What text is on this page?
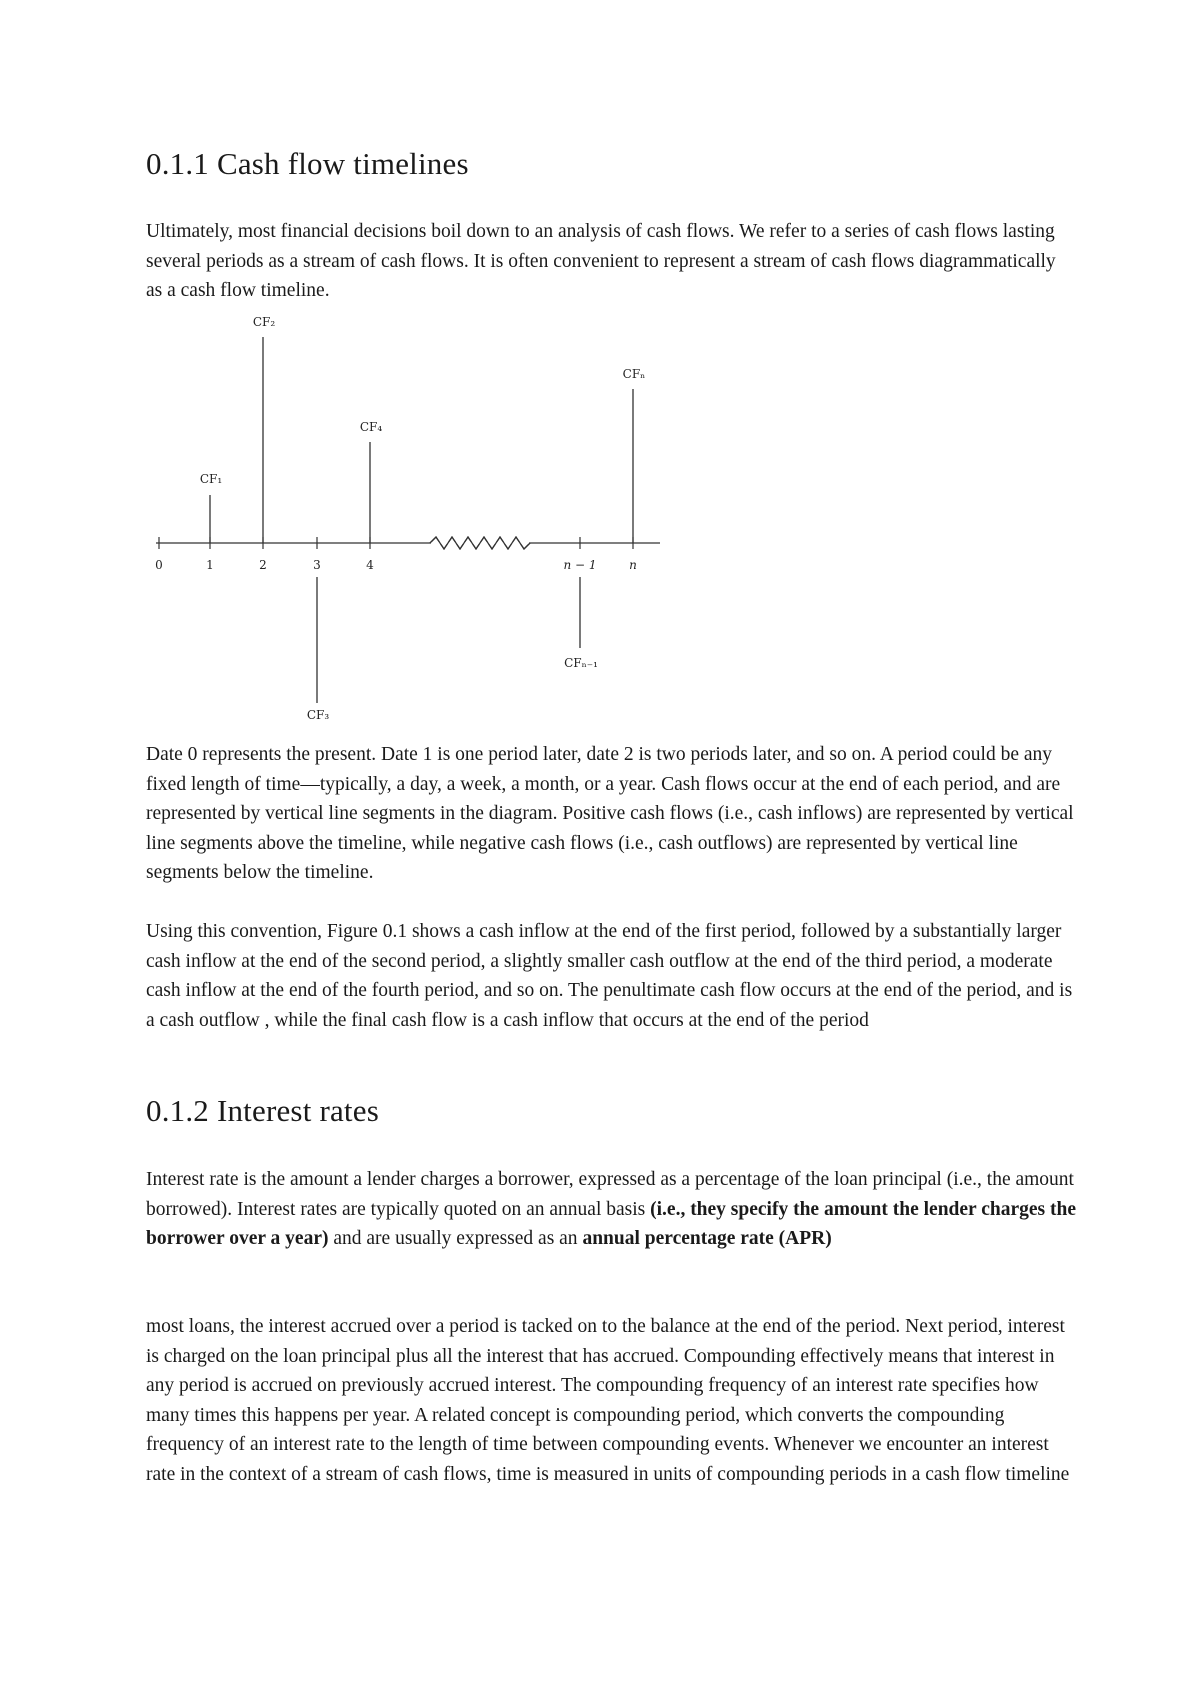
0.1.1 Cash flow timelines

Ultimately, most financial decisions boil down to an analysis of cash flows. We refer to a series of cash flows lasting several periods as a stream of cash flows. It is often convenient to represent a stream of cash flows diagrammatically as a cash flow timeline.

0	1	2	3	4	n − 1	n
CF₁
CF₂
CF₃
CF₄
CFₙ₋₁
CFₙ

Date 0 represents the present. Date 1 is one period later, date 2 is two periods later, and so on. A period could be any fixed length of time—typically, a day, a week, a month, or a year. Cash flows occur at the end of each period, and are represented by vertical line segments in the diagram. Positive cash flows (i.e., cash inflows) are represented by vertical line segments above the timeline, while negative cash flows (i.e., cash outflows) are represented by vertical line segments below the timeline.

Using this convention, Figure 0.1 shows a cash inflow at the end of the first period, followed by a substantially larger cash inflow at the end of the second period, a slightly smaller cash outflow at the end of the third period, a moderate cash inflow at the end of the fourth period, and so on. The penultimate cash flow occurs at the end of the period, and is a cash outflow , while the final cash flow is a cash inflow that occurs at the end of the period

0.1.2 Interest rates

Interest rate is the amount a lender charges a borrower, expressed as a percentage of the loan principal (i.e., the amount borrowed). Interest rates are typically quoted on an annual basis (i.e., they specify the amount the lender charges the borrower over a year) and are usually expressed as an annual percentage rate (APR)

most loans, the interest accrued over a period is tacked on to the balance at the end of the period. Next period, interest is charged on the loan principal plus all the interest that has accrued. Compounding effectively means that interest in any period is accrued on previously accrued interest. The compounding frequency of an interest rate specifies how many times this happens per year. A related concept is compounding period, which converts the compounding frequency of an interest rate to the length of time between compounding events. Whenever we encounter an interest rate in the context of a stream of cash flows, time is measured in units of compounding periods in a cash flow timeline
